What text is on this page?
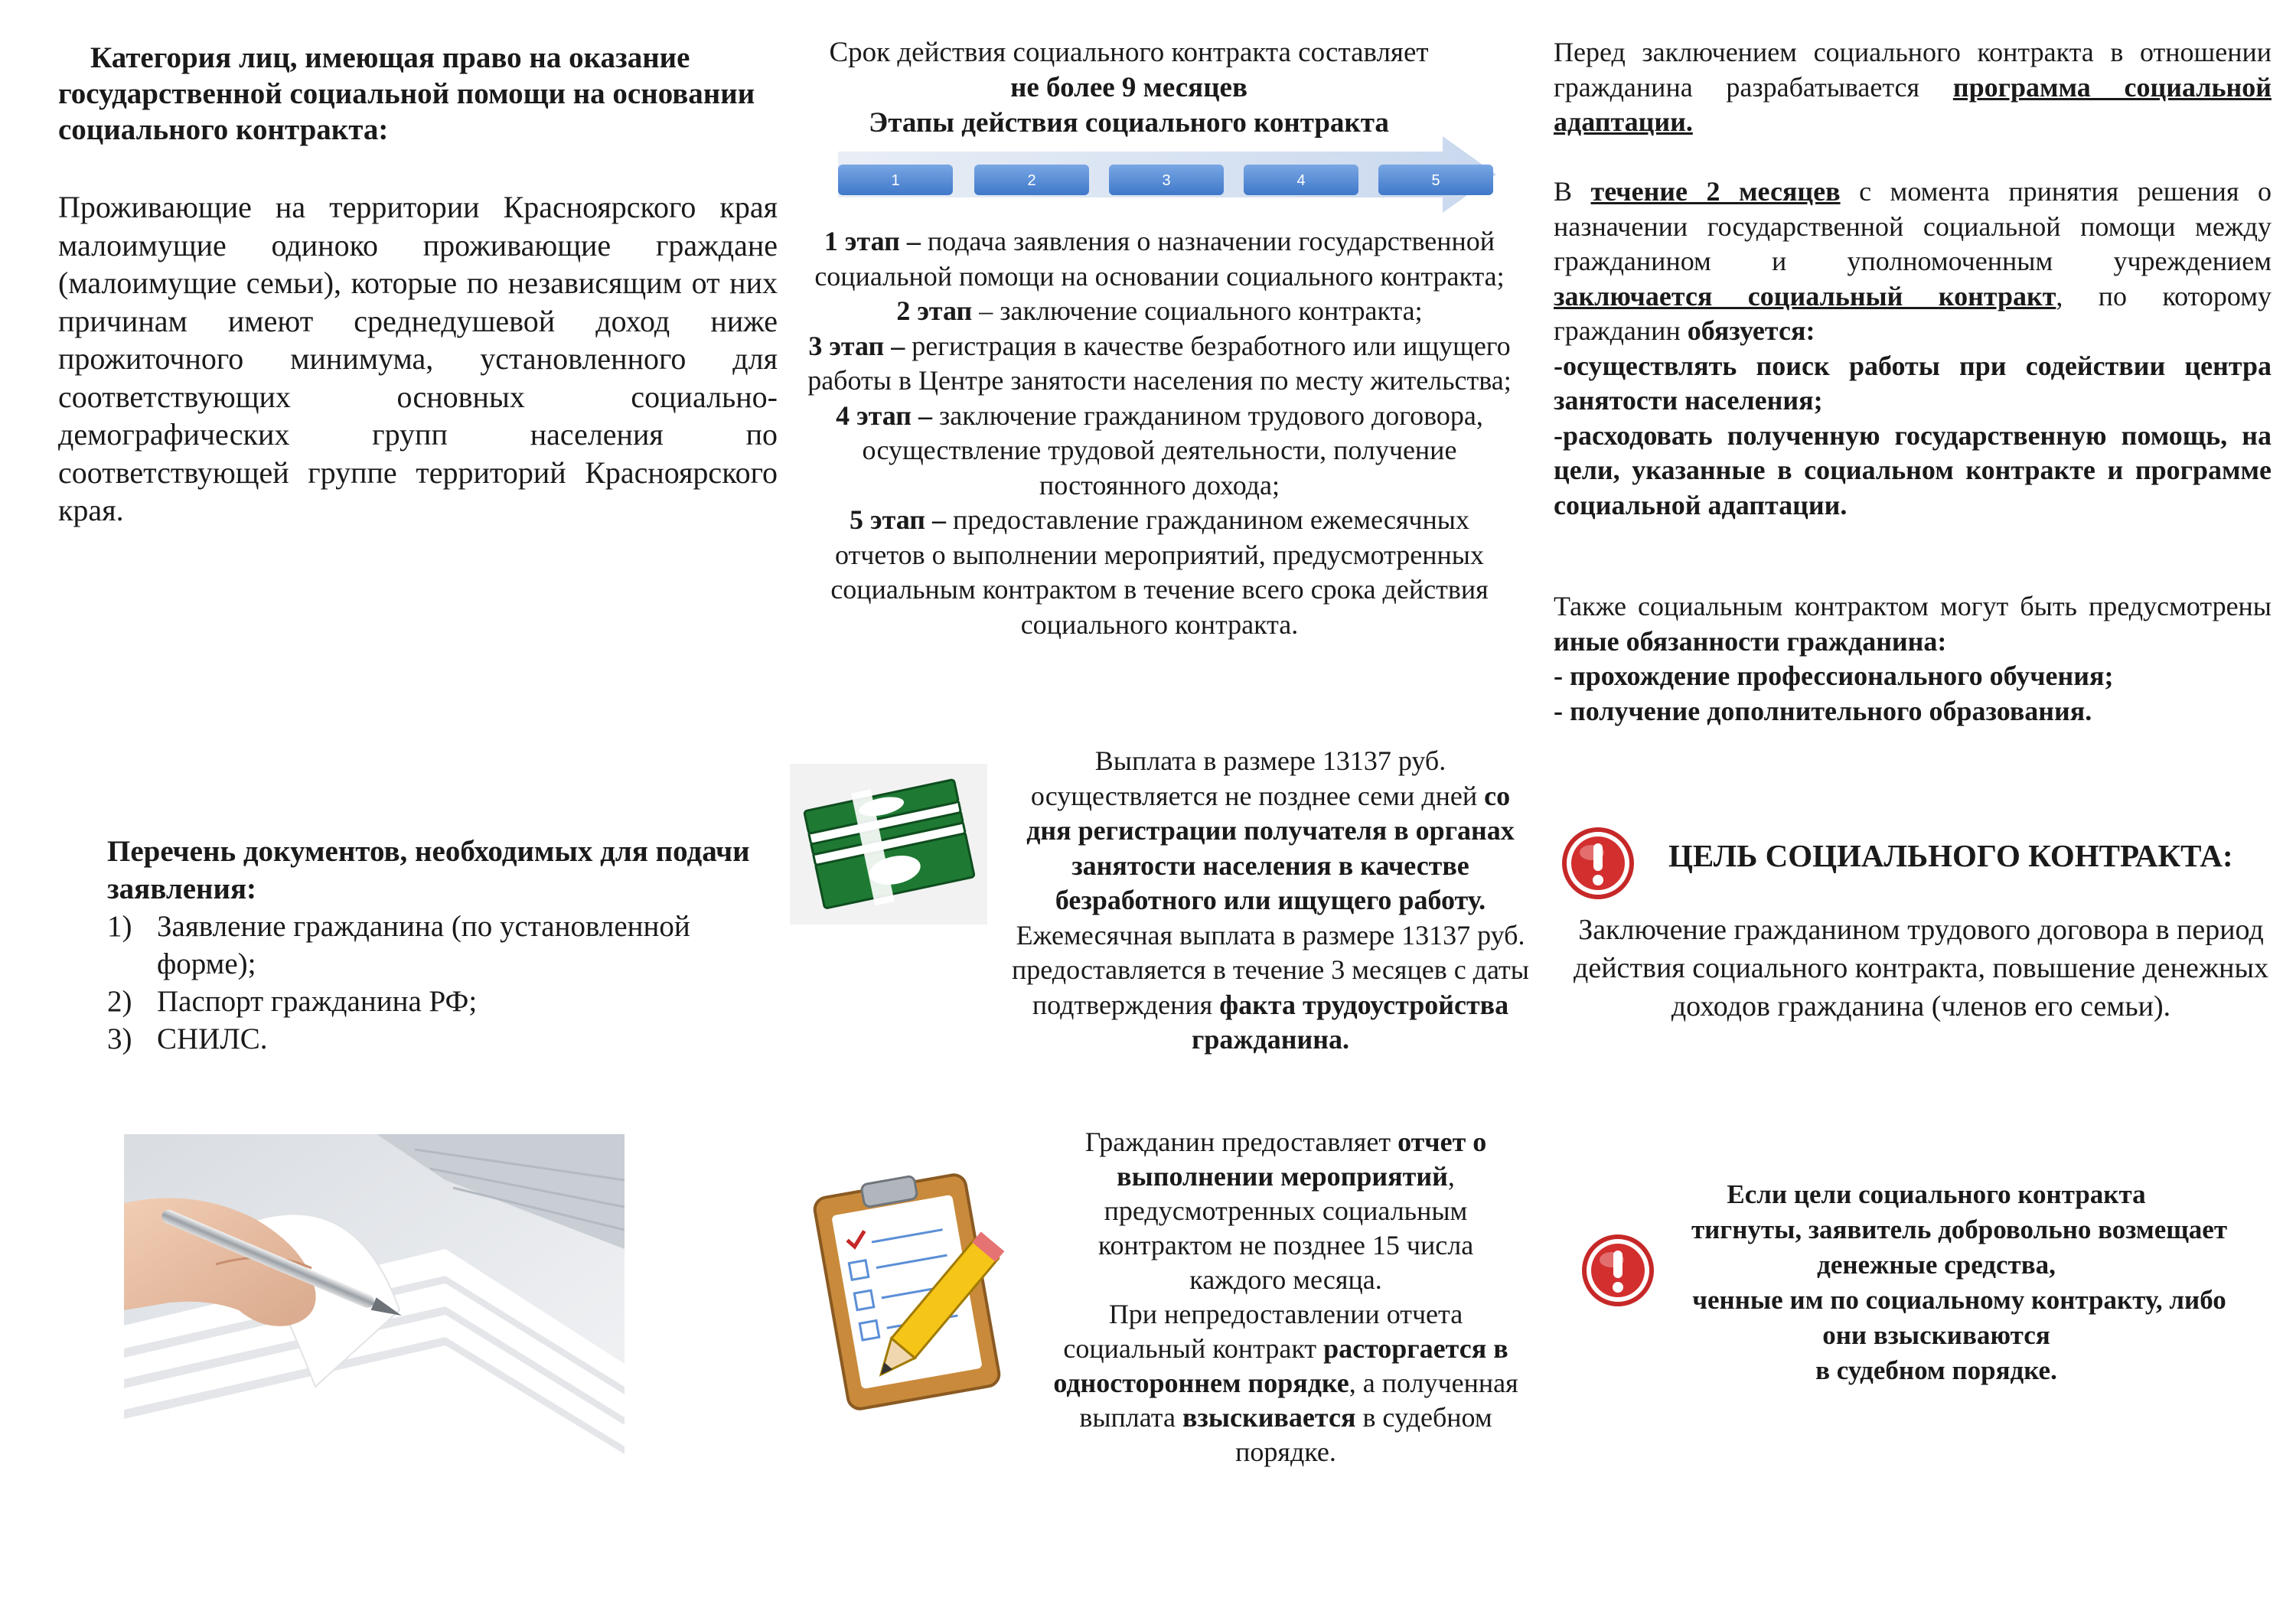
Категория лиц, имеющая право на оказание государственной социальной помощи на основании социального контракта:
Проживающие на территории Красноярского края малоимущие одиноко проживающие граждане (малоимущие семьи), которые по независящим от них причинам имеют среднедушевой доход ниже прожиточного минимума, установленного для соответствующих основных социально-демографических групп населения по соответствующей группе территорий Красноярского края.
Перечень документов, необходимых для подачи заявления:
1) Заявление гражданина (по установленной форме);
2) Паспорт гражданина РФ;
3) СНИЛС.
Срок действия социального контракта составляет
не более 9 месяцев
Этапы действия социального контракта
1	2	3	4	5
1 этап – подача заявления о назначении государственной социальной помощи на основании социального контракта;
2 этап – заключение социального контракта;
3 этап – регистрация в качестве безработного или ищущего работы в Центре занятости населения по месту жительства;
4 этап – заключение гражданином трудового договора, осуществление трудовой деятельности, получение постоянного дохода;
5 этап – предоставление гражданином ежемесячных отчетов о выполнении мероприятий, предусмотренных социальным контрактом в течение всего срока действия социального контракта.
Выплата в размере 13137 руб. осуществляется не позднее семи дней со дня регистрации получателя в органах занятости населения в качестве безработного или ищущего работу.
Ежемесячная выплата в размере 13137 руб. предоставляется в течение 3 месяцев с даты подтверждения факта трудоустройства гражданина.
Гражданин предоставляет отчет о выполнении мероприятий, предусмотренных социальным контрактом не позднее 15 числа каждого месяца.
При непредоставлении отчета социальный контракт расторгается в одностороннем порядке, а полученная выплата взыскивается в судебном порядке.
Перед заключением социального контракта в отношении гражданина разрабатывается программа социальной адаптации.
В течение 2 месяцев с момента принятия решения о назначении государственной социальной помощи между гражданином и уполномоченным учреждением заключается социальный контракт, по которому гражданин обязуется:
-осуществлять поиск работы при содействии центра занятости населения;
-расходовать полученную государственную помощь, на цели, указанные в социальном контракте и программе социальной адаптации.
Также социальным контрактом могут быть предусмотрены иные обязанности гражданина:
- прохождение профессионального обучения;
- получение дополнительного образования.
ЦЕЛЬ СОЦИАЛЬНОГО КОНТРАКТА:
Заключение гражданином трудового договора в период действия социального контракта, повышение денежных доходов гражданина (членов его семьи).
Если цели социального контракта
тигнуты, заявитель добровольно возмещает
денежные средства,
ченные им по социальному контракту, либо
они взыскиваются
в судебном порядке.
